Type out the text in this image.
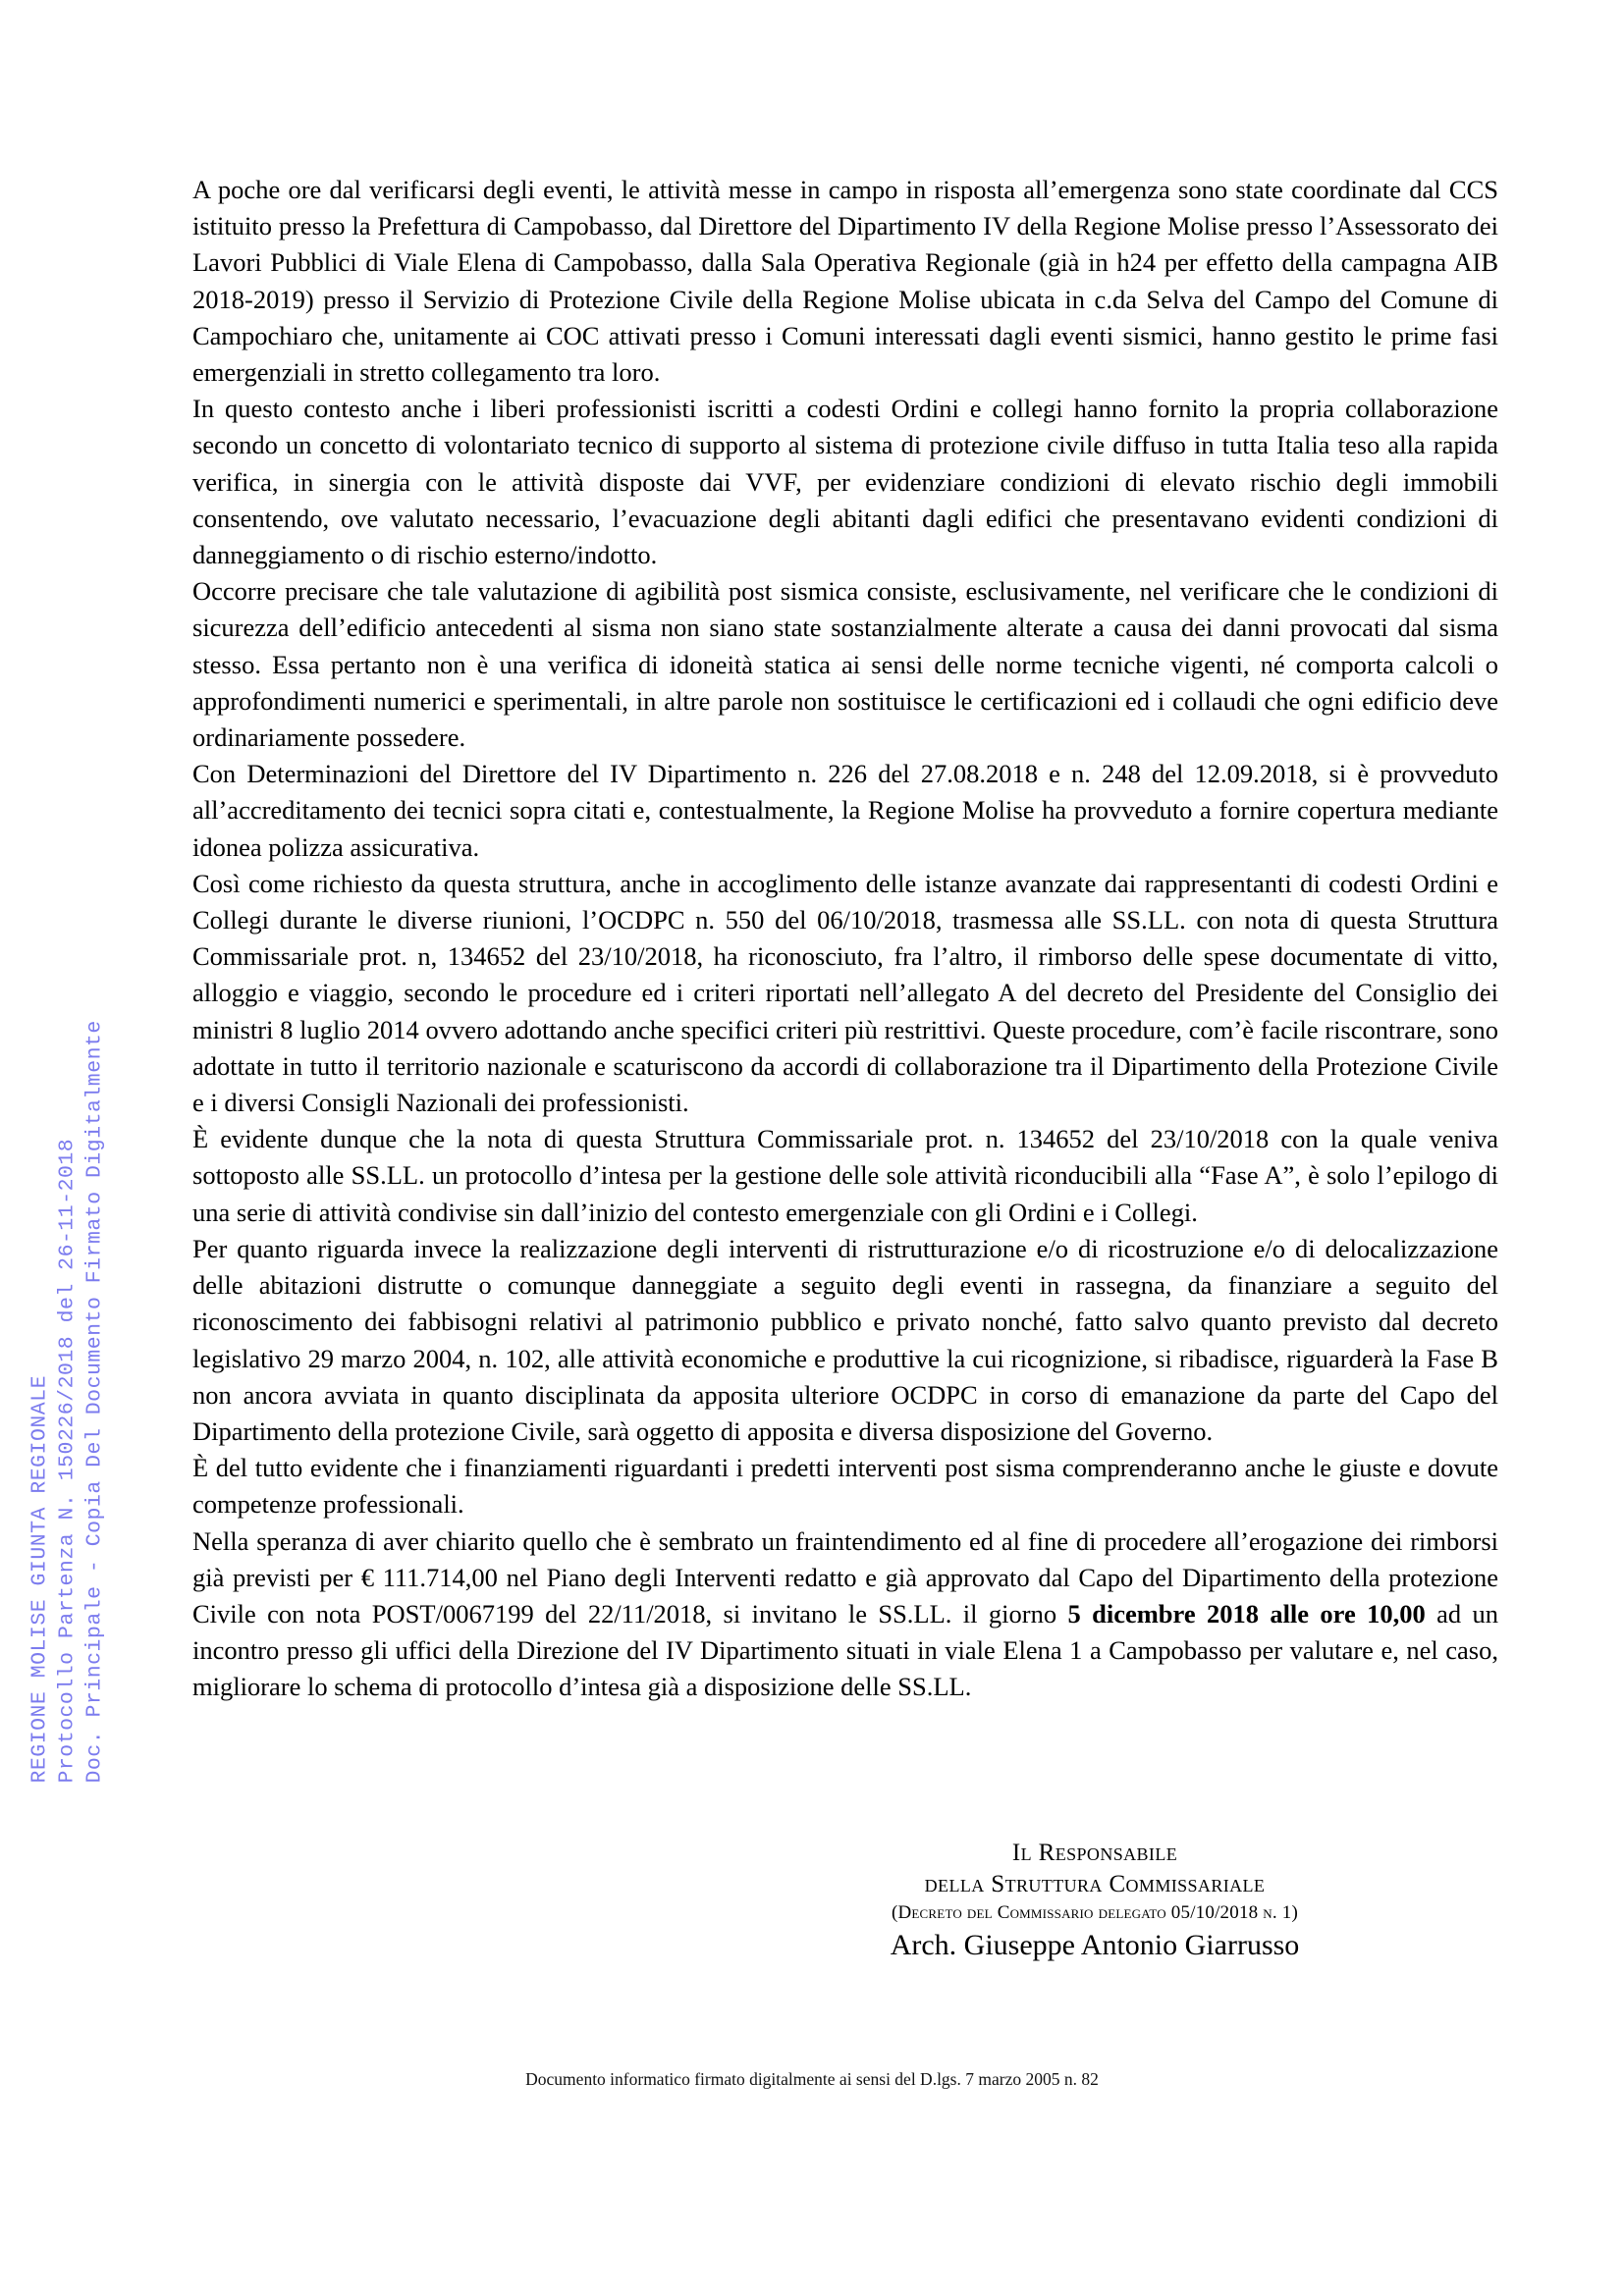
REGIONE MOLISE GIUNTA REGIONALE Protocollo Partenza N. 150226/2018 del 26-11-2018 Doc. Principale - Copia Del Documento Firmato Digitalmente

A poche ore dal verificarsi degli eventi, le attività messe in campo in risposta all’emergenza sono state coordinate dal CCS istituito presso la Prefettura di Campobasso, dal Direttore del Dipartimento IV della Regione Molise presso l’Assessorato dei Lavori Pubblici di Viale Elena di Campobasso, dalla Sala Operativa Regionale (già in h24 per effetto della campagna AIB 2018-2019) presso il Servizio di Protezione Civile della Regione Molise ubicata in c.da Selva del Campo del Comune di Campochiaro che, unitamente ai COC attivati presso i Comuni interessati dagli eventi sismici, hanno gestito le prime fasi emergenziali in stretto collegamento tra loro.

In questo contesto anche i liberi professionisti iscritti a codesti Ordini e collegi hanno fornito la propria collaborazione secondo un concetto di volontariato tecnico di supporto al sistema di protezione civile diffuso in tutta Italia teso alla rapida verifica, in sinergia con le attività disposte dai VVF, per evidenziare condizioni di elevato rischio degli immobili consentendo, ove valutato necessario, l’evacuazione degli abitanti dagli edifici che presentavano evidenti condizioni di danneggiamento o di rischio esterno/indotto.

Occorre precisare che tale valutazione di agibilità post sismica consiste, esclusivamente, nel verificare che le condizioni di sicurezza dell’edificio antecedenti al sisma non siano state sostanzialmente alterate a causa dei danni provocati dal sisma stesso. Essa pertanto non è una verifica di idoneità statica ai sensi delle norme tecniche vigenti, né comporta calcoli o approfondimenti numerici e sperimentali, in altre parole non sostituisce le certificazioni ed i collaudi che ogni edificio deve ordinariamente possedere.

Con Determinazioni del Direttore del IV Dipartimento n. 226 del 27.08.2018 e n. 248 del 12.09.2018, si è provveduto all’accreditamento dei tecnici sopra citati e, contestualmente, la Regione Molise ha provveduto a fornire copertura mediante idonea polizza assicurativa.

Così come richiesto da questa struttura, anche in accoglimento delle istanze avanzate dai rappresentanti di codesti Ordini e Collegi durante le diverse riunioni, l’OCDPC n. 550 del 06/10/2018, trasmessa alle SS.LL. con nota di questa Struttura Commissariale prot. n, 134652 del 23/10/2018, ha riconosciuto, fra l’altro, il rimborso delle spese documentate di vitto, alloggio e viaggio, secondo le procedure ed i criteri riportati nell’allegato A del decreto del Presidente del Consiglio dei ministri 8 luglio 2014 ovvero adottando anche specifici criteri più restrittivi. Queste procedure, com’è facile riscontrare, sono adottate in tutto il territorio nazionale e scaturiscono da accordi di collaborazione tra il Dipartimento della Protezione Civile e i diversi Consigli Nazionali dei professionisti.

È evidente dunque che la nota di questa Struttura Commissariale prot. n. 134652 del 23/10/2018 con la quale veniva sottoposto alle SS.LL. un protocollo d’intesa per la gestione delle sole attività riconducibili alla “Fase A”, è solo l’epilogo di una serie di attività condivise sin dall’inizio del contesto emergenziale con gli Ordini e i Collegi.

Per quanto riguarda invece la realizzazione degli interventi di ristrutturazione e/o di ricostruzione e/o di delocalizzazione delle abitazioni distrutte o comunque danneggiate a seguito degli eventi in rassegna, da finanziare a seguito del riconoscimento dei fabbisogni relativi al patrimonio pubblico e privato nonché, fatto salvo quanto previsto dal decreto legislativo 29 marzo 2004, n. 102, alle attività economiche e produttive la cui ricognizione, si ribadisce, riguarderà la Fase B non ancora avviata in quanto disciplinata da apposita ulteriore OCDPC in corso di emanazione da parte del Capo del Dipartimento della protezione Civile, sarà oggetto di apposita e diversa disposizione del Governo.

È del tutto evidente che i finanziamenti riguardanti i predetti interventi post sisma comprenderanno anche le giuste e dovute competenze professionali.

Nella speranza di aver chiarito quello che è sembrato un fraintendimento ed al fine di procedere all’erogazione dei rimborsi già previsti per € 111.714,00 nel Piano degli Interventi redatto e già approvato dal Capo del Dipartimento della protezione Civile con nota POST/0067199 del 22/11/2018, si invitano le SS.LL. il giorno 5 dicembre 2018 alle ore 10,00 ad un incontro presso gli uffici della Direzione del IV Dipartimento situati in viale Elena 1 a Campobasso per valutare e, nel caso, migliorare lo schema di protocollo d’intesa già a disposizione delle SS.LL.

Il Responsabile
della Struttura Commissariale
(Decreto del Commissario delegato 05/10/2018 n. 1)
Arch. Giuseppe Antonio Giarrusso
Documento informatico firmato digitalmente ai sensi del D.lgs. 7 marzo 2005 n. 82
